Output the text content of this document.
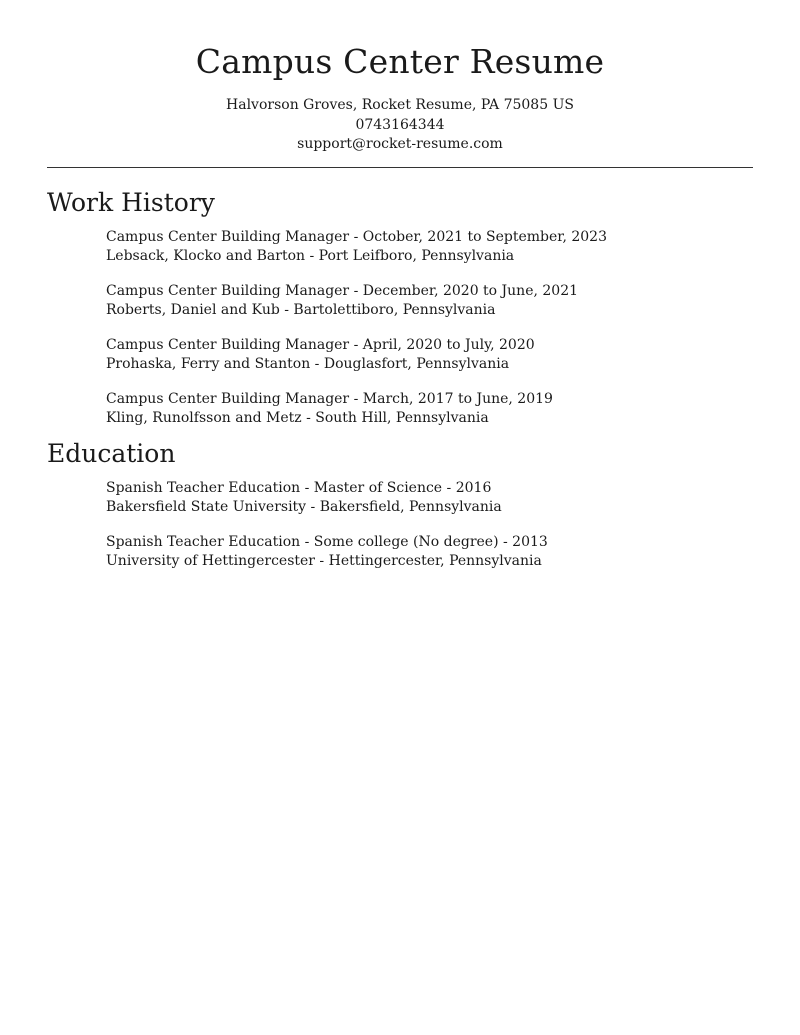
Campus Center Resume
Halvorson Groves, Rocket Resume, PA 75085 US
0743164344
support@rocket-resume.com
Work History
Campus Center Building Manager - October, 2021 to September, 2023
Lebsack, Klocko and Barton - Port Leifboro, Pennsylvania
Campus Center Building Manager - December, 2020 to June, 2021
Roberts, Daniel and Kub - Bartolettiboro, Pennsylvania
Campus Center Building Manager - April, 2020 to July, 2020
Prohaska, Ferry and Stanton - Douglasfort, Pennsylvania
Campus Center Building Manager - March, 2017 to June, 2019
Kling, Runolfsson and Metz - South Hill, Pennsylvania
Education
Spanish Teacher Education - Master of Science - 2016
Bakersfield State University - Bakersfield, Pennsylvania
Spanish Teacher Education - Some college (No degree) - 2013
University of Hettingercester - Hettingercester, Pennsylvania
